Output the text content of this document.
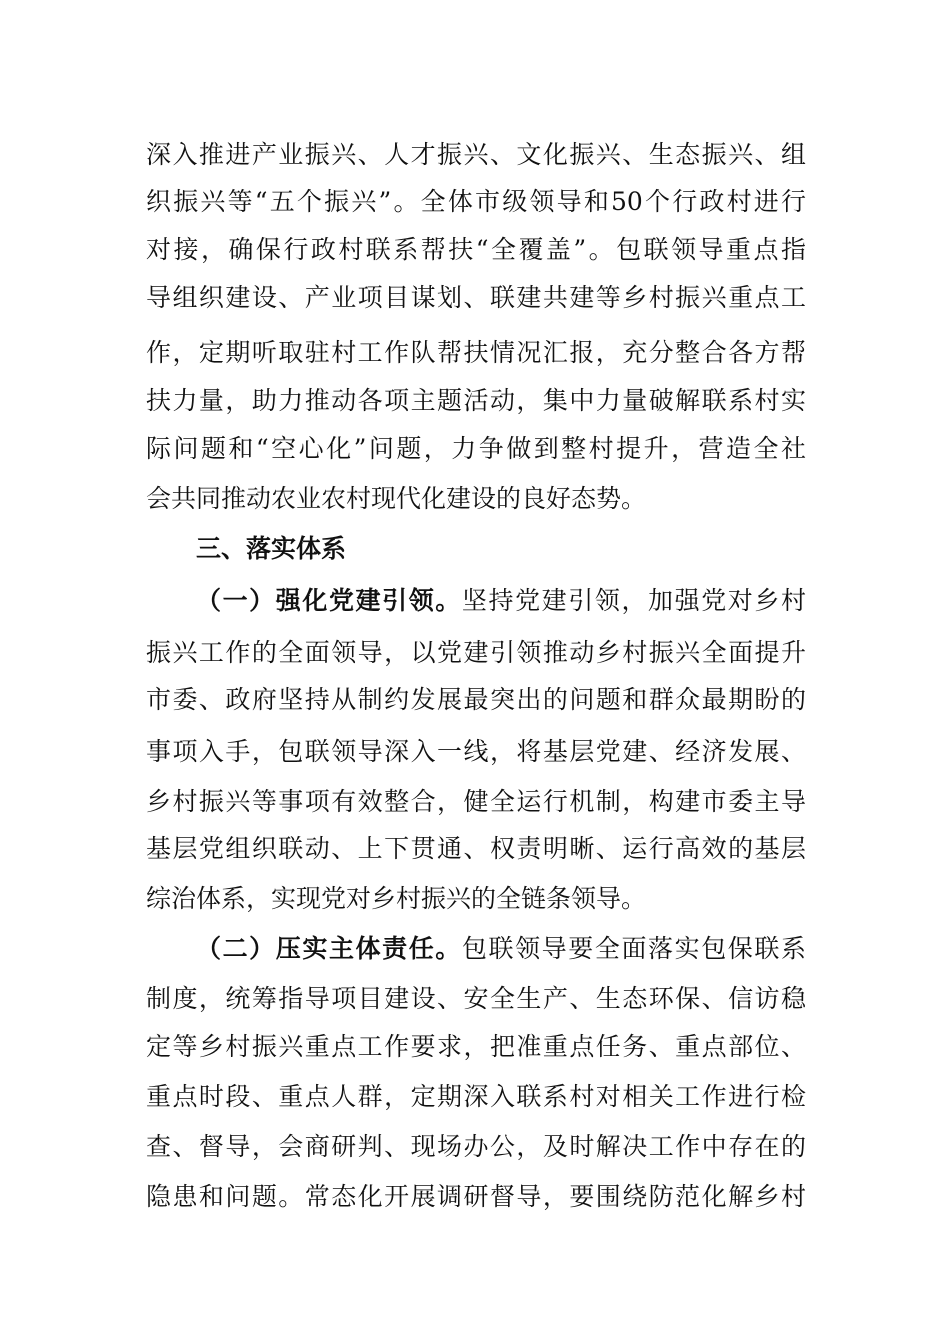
深入推进产业振兴、人才振兴、文化振兴、生态振兴、组
织振兴等“五个振兴”。全体市级领导和50个行政村进行
对接，确保行政村联系帮扶“全覆盖”。包联领导重点指
导组织建设、产业项目谋划、联建共建等乡村振兴重点工
作，定期听取驻村工作队帮扶情况汇报，充分整合各方帮
扶力量，助力推动各项主题活动，集中力量破解联系村实
际问题和“空心化”问题，力争做到整村提升，营造全社
会共同推动农业农村现代化建设的良好态势。
三、落实体系
（一）强化党建引领。坚持党建引领，加强党对乡村
振兴工作的全面领导，以党建引领推动乡村振兴全面提升
市委、政府坚持从制约发展最突出的问题和群众最期盼的
事项入手，包联领导深入一线，将基层党建、经济发展、
乡村振兴等事项有效整合，健全运行机制，构建市委主导
基层党组织联动、上下贯通、权责明晰、运行高效的基层
综治体系，实现党对乡村振兴的全链条领导。
（二）压实主体责任。包联领导要全面落实包保联系
制度，统筹指导项目建设、安全生产、生态环保、信访稳
定等乡村振兴重点工作要求，把准重点任务、重点部位、
重点时段、重点人群，定期深入联系村对相关工作进行检
查、督导，会商研判、现场办公，及时解决工作中存在的
隐患和问题。常态化开展调研督导，要围绕防范化解乡村
